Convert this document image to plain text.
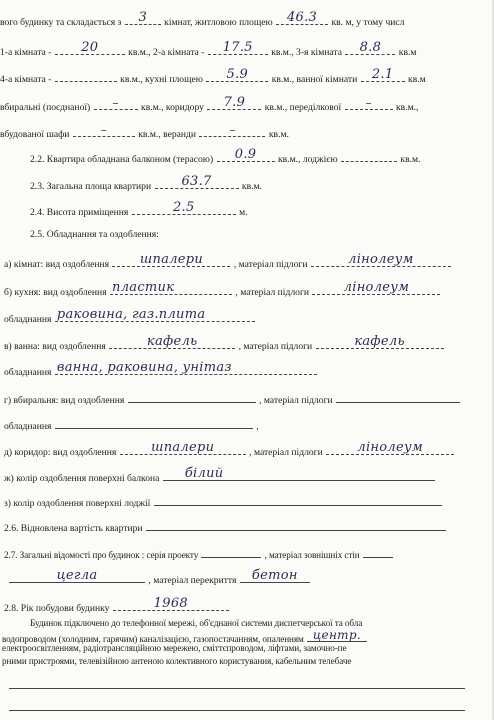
вого будинку та складається з 3 кімнат, житловою площею 46.3 кв. м, у тому числ
1-а кімната - 20	кв.м., 2-а кімната - 17.5 кв.м., 3-я кімната 8.8 кв.м
4-а кімната -	кв.м., кухні площею 5.9 кв.м., ванної кімнати 2.1 кв.м
вбиральні (поєднаної) – кв.м., коридору 7.9 кв.м., переділкової –	кв.м.,
вбудованої шафи	–	кв.м., веранди	–	кв.м.
2.2. Квартира обладнана балконом (терасою) 0.9 кв.м., лоджією	кв.м.
2.3. Загальна площа квартири 63.7	кв.м.
2.4. Висота приміщення	2.5	м.
2.5. Обладнання та оздоблення:
а) кімнат: вид оздоблення шпалери	, матеріал підлоги	лінолеум
б) кухня: вид оздоблення пластик	, матеріал підлоги	лінолеум
обладнання раковина, газ.плита
в) ванна: вид оздоблення	кафель	, матеріал підлоги	кафель
обладнання ванна, раковина, унітаз
г) вбиральня: вид оздоблення	, матеріал підлоги
обладнання	,
д) коридор: вид оздоблення	шпалери	, матеріал підлоги	лінолеум
ж) колір оздоблення поверхні балкона білий
з) колір оздоблення поверхні лоджії
2.6. Відновлена вартість квартири
2.7. Загальні відомості про будинок : серія проекту	, матеріал зовнішніх стін
цегла	, матеріал перекриття бетон
2.8. Рік побудови будинку	1968
Будинок підключено до телефонної мережі, об'єднаної системи диспетчерської та обла
водопроводом (холодним, гарячим) каналізацією, газопостачанням, опаленням центр.
електроосвітленням, радіотрансляційною мережею, сміттєпроводом, ліфтами, замочно-пе
рними пристроями, телевізійною антеною колективного користування, кабельним телебаче
